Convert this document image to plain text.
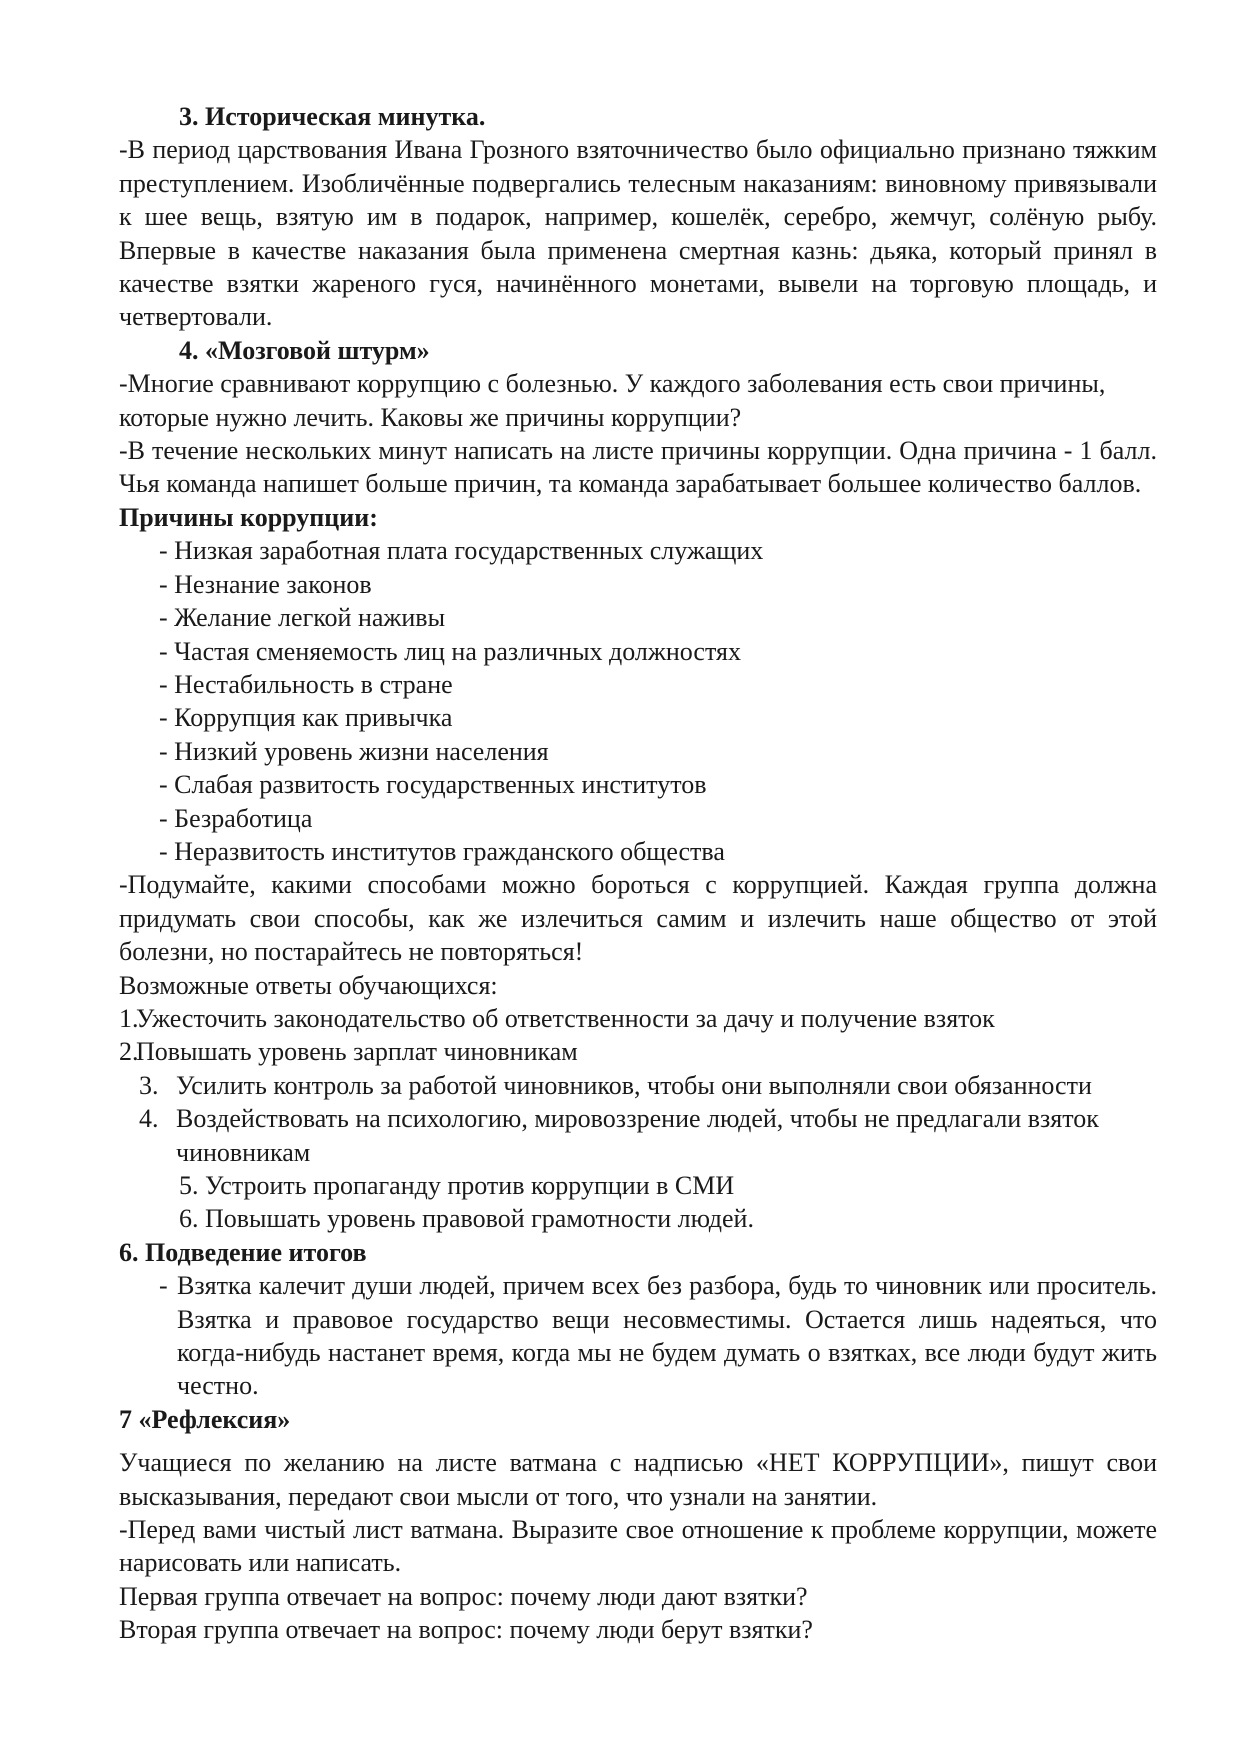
3. Историческая минутка.

-В период царствования Ивана Грозного взяточничество было официально признано тяжким преступлением. Изобличённые подвергались телесным наказаниям: виновному привязывали к шее вещь, взятую им в подарок, например, кошелёк, серебро, жемчуг, солёную рыбу. Впервые в качестве наказания была применена смертная казнь: дьяка, который принял в качестве взятки жареного гуся, начинённого монетами, вывели на торговую площадь, и четвертовали.

4. «Мозговой штурм»

-Многие сравнивают коррупцию с болезнью. У каждого заболевания есть свои причины, которые нужно лечить. Каковы же причины коррупции?

-В течение нескольких минут написать на листе причины коррупции. Одна причина - 1 балл. Чья команда напишет больше причин, та команда зарабатывает большее количество баллов.

Причины коррупции:

- Низкая заработная плата государственных служащих
- Незнание законов
- Желание легкой наживы
- Частая сменяемость лиц на различных должностях
- Нестабильность в стране
- Коррупция как привычка
- Низкий уровень жизни населения
- Слабая развитость государственных институтов
- Безработица
- Неразвитость институтов гражданского общества

-Подумайте, какими способами можно бороться с коррупцией. Каждая группа должна придумать свои способы, как же излечиться самим и излечить наше общество от этой болезни, но постарайтесь не повторяться!

Возможные ответы обучающихся:

1.
Ужесточить законодательство об ответственности за дачу и получение взяток
2.
Повышать уровень зарплат чиновникам
3. Усилить контроль за работой чиновников, чтобы они выполняли свои обязанности
4. Воздействовать на психологию, мировоззрение людей, чтобы не предлагали взяток чиновникам

5. Устроить пропаганду против коррупции в СМИ

6. Повышать уровень правовой грамотности людей.

6. Подведение итогов

- Взятка калечит души людей, причем всех без разбора, будь то чиновник или проситель. Взятка и правовое государство вещи несовместимы. Остается лишь надеяться, что когда-нибудь настанет время, когда мы не будем думать о взятках, все люди будут жить честно.

7 «Рефлексия»

Учащиеся по желанию на листе ватмана с надписью «НЕТ КОРРУПЦИИ», пишут свои высказывания, передают свои мысли от того, что узнали на занятии.

-Перед вами чистый лист ватмана. Выразите свое отношение к проблеме коррупции, можете нарисовать или написать.

Первая группа отвечает на вопрос: почему люди дают взятки?

Вторая группа отвечает на вопрос: почему люди берут взятки?
